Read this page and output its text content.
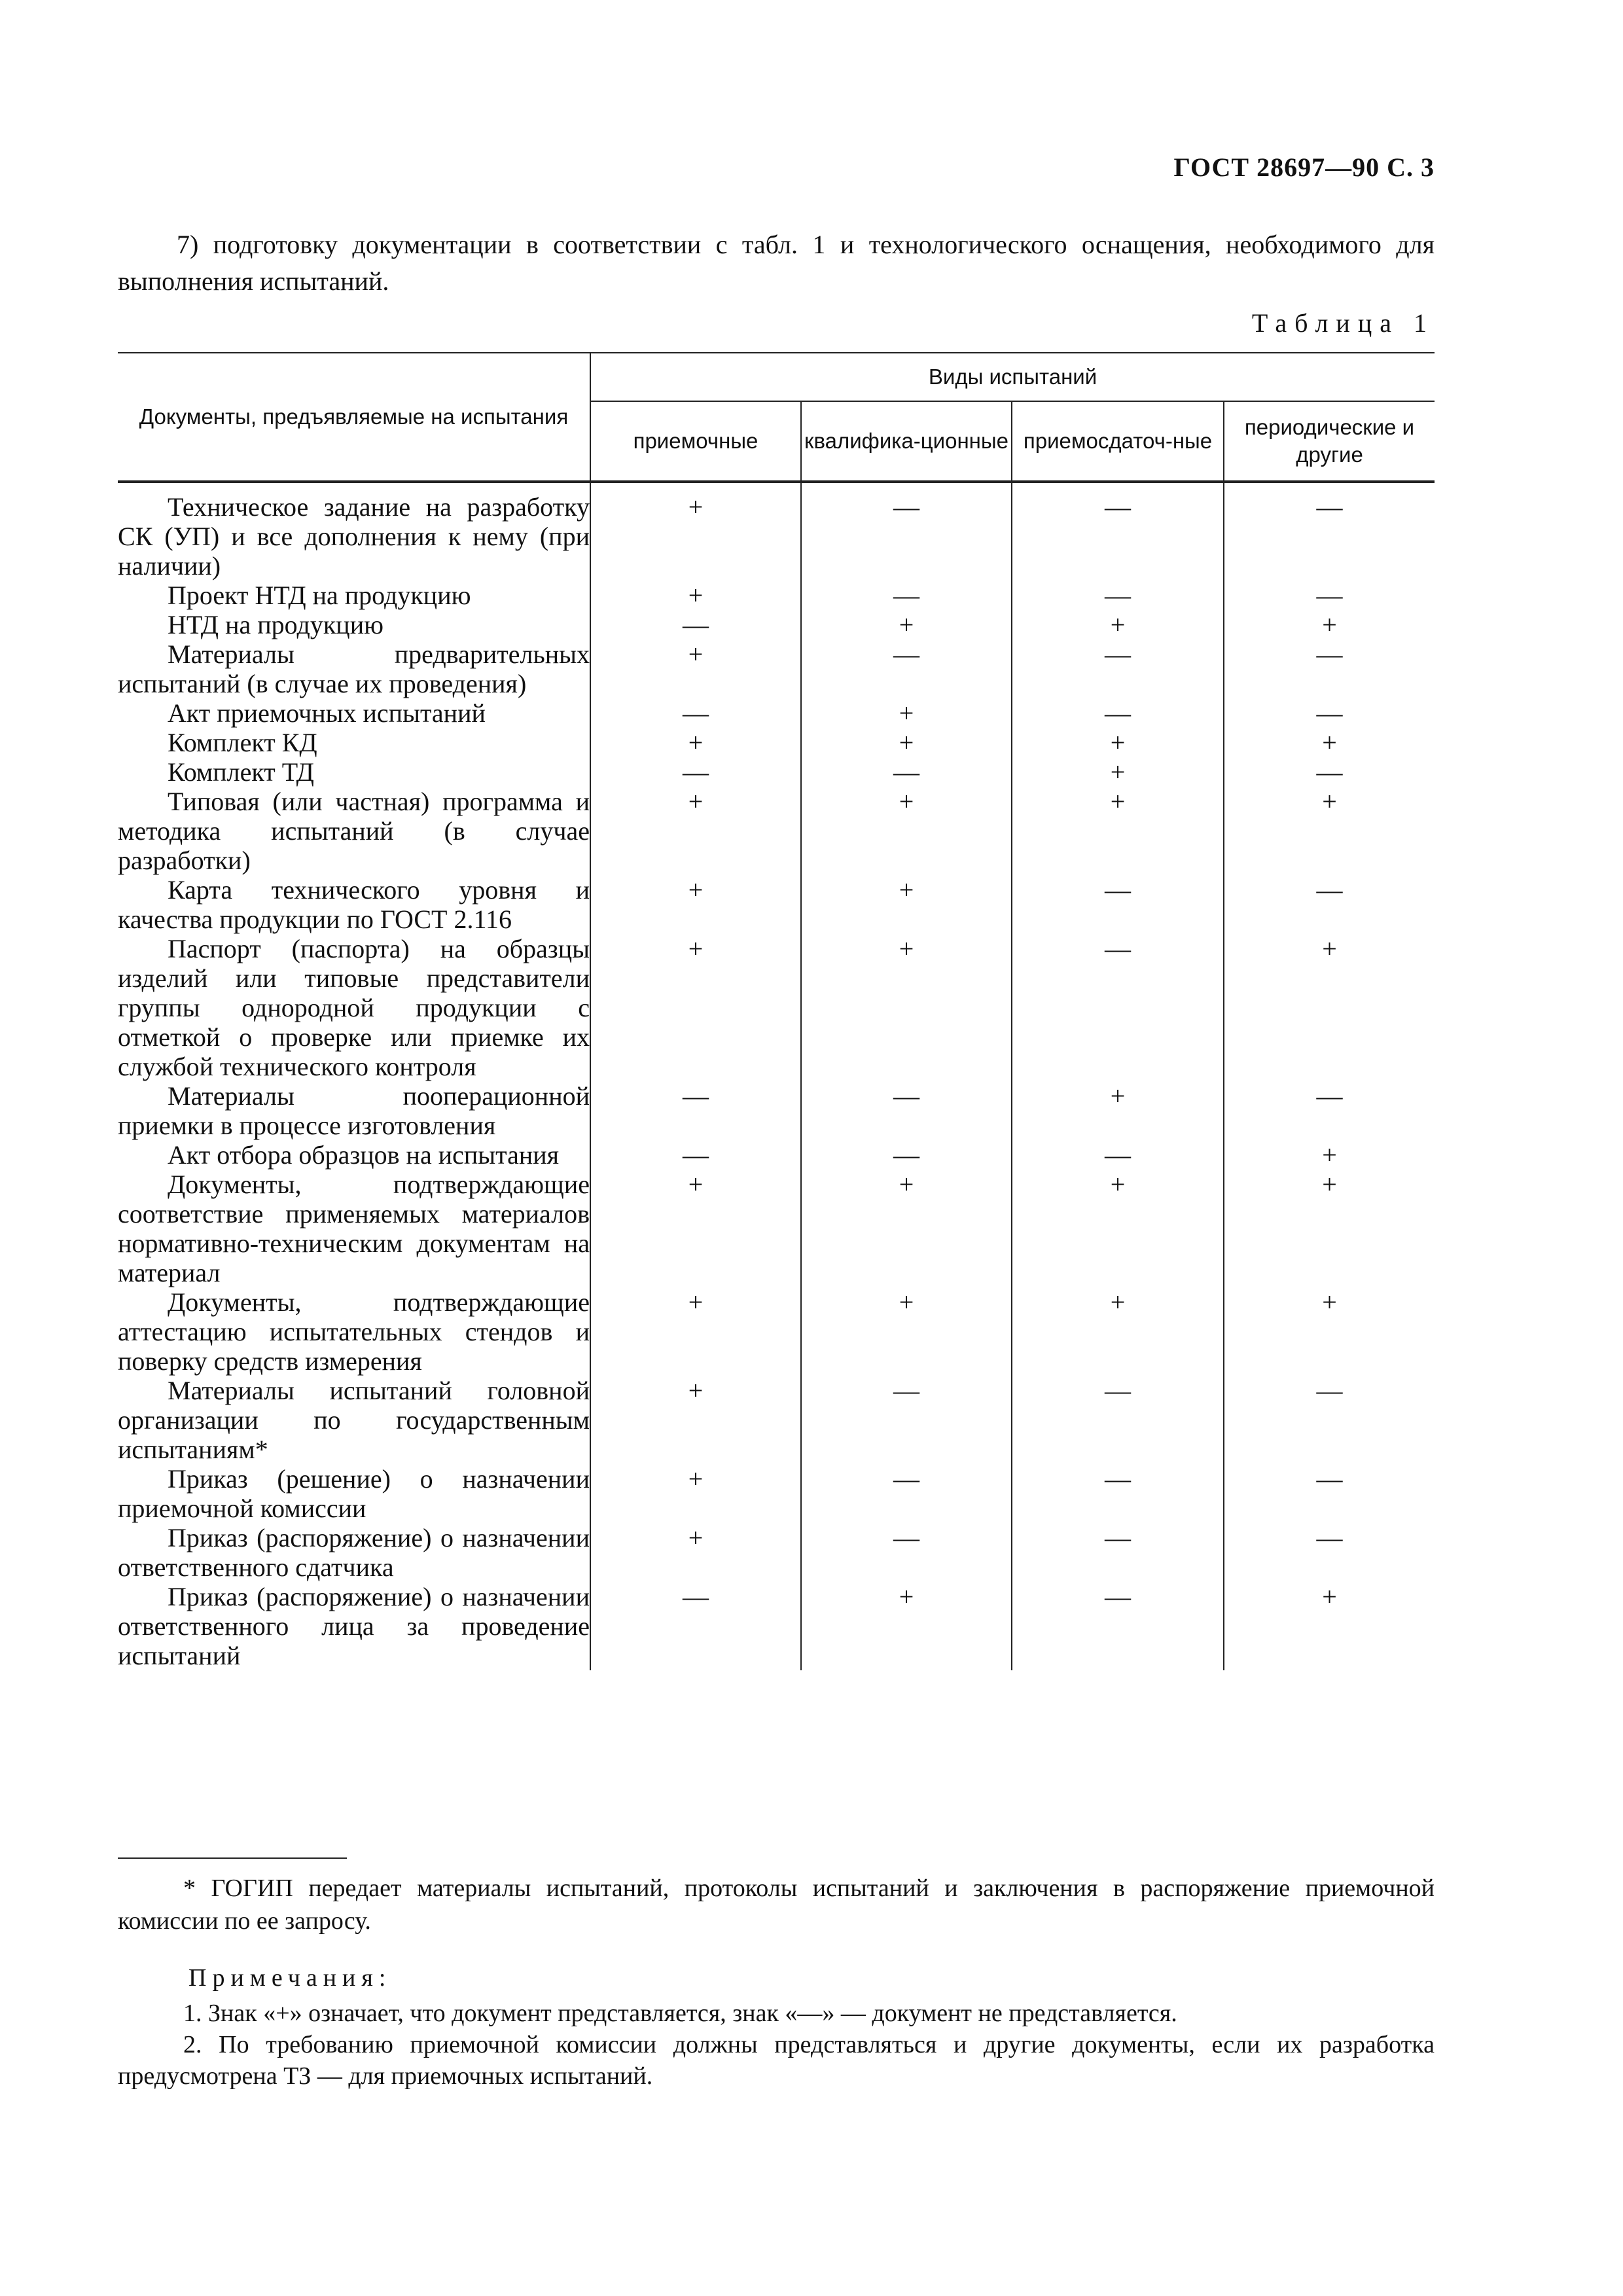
ГОСТ 28697—90 С. 3
7) подготовку документации в соответствии с табл. 1 и технологического оснащения, необходимого для выполнения испытаний.
Таблица 1
Документы, предъявляемые на испытания	Виды испытаний			
	приемочные	квалифика-ционные	приемосдаточ-ные	периодические и другие
Техническое задание на разработку СК (УП) и все дополнения к нему (при наличии)	+	—	—	—
Проект НТД на продукцию	+	—	—	—
НТД на продукцию	—	+	+	+
Материалы предварительных испытаний (в случае их проведения)	+	—	—	—
Акт приемочных испытаний	—	+	—	—
Комплект КД	+	+	+	+
Комплект ТД	—	—	+	—
Типовая (или частная) программа и методика испытаний (в случае разработки)	+	+	+	+
Карта технического уровня и качества продукции по ГОСТ 2.116	+	+	—	—
Паспорт (паспорта) на образцы изделий или типовые представители группы однородной продукции с отметкой о проверке или приемке их службой технического контроля	+	+	—	+
Материалы пооперационной приемки в процессе изготовления	—	—	+	—
Акт отбора образцов на испытания	—	—	—	+
Документы, подтверждающие соответствие применяемых материалов нормативно-техническим документам на материал	+	+	+	+
Документы, подтверждающие аттестацию испытательных стендов и поверку средств измерения	+	+	+	+
Материалы испытаний головной организации по государственным испытаниям*	+	—	—	—
Приказ (решение) о назначении приемочной комиссии	+	—	—	—
Приказ (распоряжение) о назначении ответственного сдатчика	+	—	—	—
Приказ (распоряжение) о назначении ответственного лица за проведение испытаний	—	+	—	+
* ГОГИП передает материалы испытаний, протоколы испытаний и заключения в распоряжение приемочной комиссии по ее запросу.
Примечания:
1. Знак «+» означает, что документ представляется, знак «—» — документ не представляется.
2. По требованию приемочной комиссии должны представляться и другие документы, если их разработка предусмотрена ТЗ — для приемочных испытаний.
